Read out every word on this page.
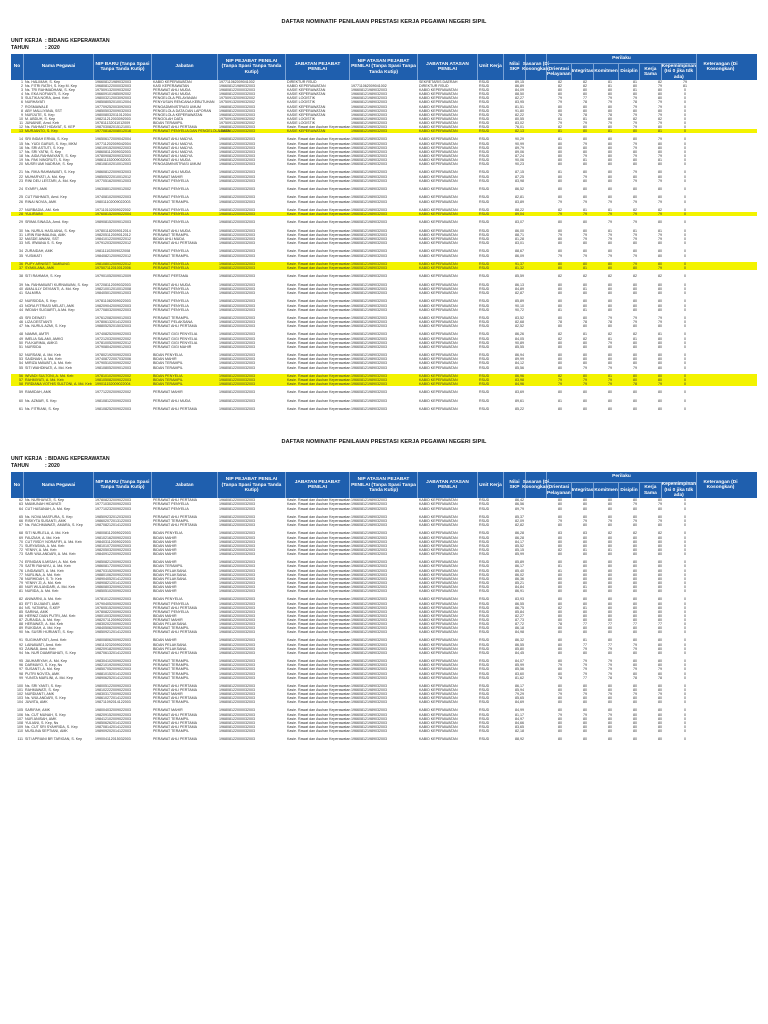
DAFTAR NOMINATIF PENILAIAN PRESTASI KERJA PEGAWAI NEGERI SIPIL
UNIT KERJA : BIDANG KEPERAWATAN
TAHUN	: 2020
No	Nama Pegawai
NIP BARU (Tanpa Spasi Tanpa Tanda Kutip)
Jabatan
NIP PEJABAT PENILAI (Tanpa Spasi Tanpa Tanda Kutip)
JABATAN PEJABAT PENILAI
NIP ATASAN PEJABAT PENILAI (Tanpa Spasi Tanpa Tanda Kutip)
JABATAN ATASAN PENILAI
Unit Kerja
Nilai SKP
Sasaran (Di Kosongkan)
Perilaku
Orientasi Pelayanan
Integritas Komitmen Disiplin
Kerja Sama
Kepemimpinan (Isi 0 jika tdk ada)
Keterangan (Di Kosongkan)
1 Ns. HALIMAH, S. Kep	196608121989032003	KABID KEPERAWATAN	197711062009041002	DIREKTUR RSUD	SEKRETARIS DAERAH	RSUD	89,15	82	82	81	81	82	79
2 Ns. FITRI RATIH, S. Kep M. Kep	196808122000032003	KASI KEPERAWATAN	196608121989032003	KABID KEPERAWATAN	197711062009041002	DIREKTUR RSUD	RSUD	86,89	82	82	81	80	79	81
3 Ns. TRI RAHMADHANI, S. Kep	197509132009032002	PERAWAT AHLI MUDA	196808122000032003	KASIE KEPERAWATAN	196608121989032003	KABID KEPERAWATAN	RSUD	84,09	80	80	80	81	80	0
4 Ns. EKA NOFIANTI, S. Kep	196609101985092002	PERAWAT AHLI MUDA	196808122000032003	KASIE KEPERAWATAN	196608121989032003	KABID KEPERAWATAN	RSUD	88,50	80	80	80	80	80	0
5 SULTIKA NORA, Amd. Keb	198003212003092003	PENGELOLA PELAYANAN	197509132009032002	KASIE LOGISTIK	196608121989032003	KABID KEPERAWATAN	RSUD	82,27	79	77	79	79	80	0
6 NURHAYATI	198508052010012004	PENYUSUN RENCANA KEBUTUHAN	197509132009032002	KASIE LOGISTIK	196608121989032003	KABID KEPERAWATAN	RSUD	83,95	79	78	79	78	79	0
7 ROSMAWALE	197709252003092003	PENGADMINISTRASI UMUM	196808122000032003	KASIE KEPERAWATAN	196608121989032003	KABID KEPERAWATAN	RSUD	81,51	80	80	80	79	79	0
8 ABY MALLIYANA, SST	198505032009032003	PENGELOLA DATA DAN LAPORAN	196808122000032003	KASIE KEPERAWATAN	196608121989032003	KABID KEPERAWATAN	RSUD	91,80	80	80	80	80	80	0
9 NURJUTE, S. Kep	198008032011012004	PENGELOLA KEPERAWATAN	196808122000032003	KASIE KEPERAWATAN	196608121989032003	KABID KEPERAWATAN	RSUD	82,22	78	78	78	79	79	0
10 M. ABDUH, S. Kep	198211212003092003	PENGOLAH DATA	197509132009032002	KASIE LOGISTIK	196608121989032003	KABID KEPERAWATAN	RSUD	80,55	81	81	80	82	82	0
11 JUNAINIE, Amd. Keb	197811132011012009	BIDAN TERAMPIL	197509132009032002	KASIE LOGISTIK	196608121989032003	KABID KEPERAWATAN	RSUD	83,02	79	79	79	79	79	0
12 Ns. RAHMAT HIDAYAT, S. KEP	198703082015121001	PERAWAT AHLI PERTAMA	196808122000032003	Kasie. Rawat dan Asuhan Keperawatan 196608121989032003	KABID KEPERAWATAN	RSUD	76,01	82	80	80	79	80	0
13 MURJANTO, S. Kep	197708182008012016	PERAWAT PENYELIA DAN PENGELOLA DATA
196808122000032003	KASIE KEPERAWATAN	196608121989032003	KABID KEPERAWATAN	RSUD	82,13	81	80	81	80	81	0
14 SRI INDAH ERNIA, S. Kep	196506172009042004	PERAWAT AHLI MADYA	196808122000032003	Kasie. Rawat dan Asuhan Keperawatan 196608121989032003	KABID KEPERAWATAN	RSUD	90,29	81	80	80	80	79	0
15 Ns. YUDI GARUS, S. Kep, MKM	197711202009042004	PERAWAT AHLI MADYA	196808122000032003	Kasie. Rawat dan Asuhan Keperawatan 196608121989032003	KABID KEPERAWATAN	RSUD	90,99	80	79	80	79	80	0
16 Ns. SRI ASTUTI, S. Kep	198109152009022003	PERAWAT AHLI MADYA	196808122000032003	Kasie. Rawat dan Asuhan Keperawatan 196608121989032003	KABID KEPERAWATAN	RSUD	89,79	80	80	80	79	80	0
17 Ns. SRI YATNI, S. Kep	198608112009032003	PERAWAT AHLI MADYA	196808122000032003	Kasie. Rawat dan Asuhan Keperawatan 196608121989032003	KABID KEPERAWATAN	RSUD	89,06	80	80	80	80	80	0
18 Ns. AIDA RAHMAYANTI, S. Kep	197809082009032003	PERAWAT AHLI MADYA	196808122000032003	Kasie. Rawat dan Asuhan Keperawatan 196608121989032003	KABID KEPERAWATAN	RSUD	87,24	80	79	80	79	79	0
19 Ns. PAK NINGRUTI, S. Kep	198611152009032003	PERAWAT AHLI MUDA	196808122000032003	Kasie. Rawat dan Asuhan Keperawatan 196608121989032003	KABID KEPERAWATAN	RSUD	90,06	80	81	80	80	81	0
20 MUSRI UMI NADRAH, S. Kep	198108102010012003	PENGADMINISTRASI UMUM	196808122000032003	Kasie. Rawat dan Asuhan Keperawatan 196608121989032003	KABID KEPERAWATAN	RSUD	90,23	80	80	80	80	80	0
21 Ns. RIKA RAHMAWATI, S. Kep	198608122009032003	PERAWAT AHLI MUDA	196808122000032003	Kasie. Rawat dan Asuhan Keperawatan 196608121989032003	KABID KEPERAWATAN	RSUD	87,15	81	80	80	79	80	0
22 MUHARYATI, A. Md. Kep	198505222010012012	PERAWAT MAHIR	196808122000032003	Kasie. Rawat dan Asuhan Keperawatan 196608121989032003	KABID KEPERAWATAN	RSUD	87,25	80	79	80	80	80	0
23 RINI DEU LESTARI, A. Md. Kep	197705162009012003	PERAWAT PENYELIA	196808122000032003	Kasie. Rawat dan Asuhan Keperawatan 196608121989032003	KABID KEPERAWATAN	RSUD	83,98	80	80	80	79	79	0
24 SYARFI, AMK	196308012009012002	PERAWAT PENYELIA	196808122000032003	Kasie. Rawat dan Asuhan Keperawatan 196608121989032003	KABID KEPERAWATAN	RSUD	86,52	80	80	80	80	80	0
25 CUT RAHMATI, Amd. Kep	197408102009022003	PERAWAT PENYELIA	196808122000032003	Kasie. Rawat dan Asuhan Keperawatan 196608121989032003	KABID KEPERAWATAN	RSUD	82,81	80	80	80	80	80	0
26 RINAI NOVIA, AMK	198011102009022003	PERAWAT TERAMPIL	196808122000032003	Kasie. Rawat dan Asuhan Keperawatan 196608121989032003	KABID KEPERAWATAN	RSUD	83,89	79	79	79	79	79	0
27 NURBADIA, AM. Keb	197110102009022002	PERAWAT PENYELIA	196808122000032003	Kasie. Rawat dan Asuhan Keperawatan 196608121989032003	KABID KEPERAWATAN	RSUD	88,22	82	81	81	82	82	0
28 YULIRAINI	197608152009022004	PERAWAT PENYELIA	196808122000032003	Kasie. Rawat dan Asuhan Keperawatan 196608121989032003	KABID KEPERAWATAN	RSUD	89,04	79	79	79	79	79	0
29 SRIMA SINAGA, Amd. Kep	198908152009012003	PERAWAT PENYELIA	196808122000032003	Kasie. Rawat dan Asuhan Keperawatan 196608121989032003	KABID KEPERAWATAN	RSUD	83,07	80	80	79	79	80	0
30 Ns. NURUL HASLIANA, S. Kep	197801182009012014	PERAWAT AHLI MUDA	196808122000032003	Kasie. Rawat dan Asuhan Keperawatan 196608121989032003	KABID KEPERAWATAN	RSUD	86,00	80	80	81	81	81	0
31 LIRIN RAHMALINA, AMK	198205112009012012	PERAWAT TERAMPIL	196808122000032003	Kasie. Rawat dan Asuhan Keperawatan 196608121989032003	KABID KEPERAWATAN	RSUD	88,71	79	79	79	79	79	0
32 MASDE AWANI, SST	198410122009022012	BIDAN AHLI MUDA	196808122000032003	Kasie. Rawat dan Asuhan Keperawatan 196608121989032003	KABID KEPERAWATAN	RSUD	81,28	80	79	79	79	79	0
33 NS. IRWANA S. S. Kep	197912032009022012	PERAWAT AHLI PERTAMA	196808122000032003	Kasie. Rawat dan Asuhan Keperawatan 196608121989032003	KABID KEPERAWATAN	RSUD	83,01	80	80	80	80	80	0
34 ZURAIDAH, AMK	198111102009022008	PERAWAT PENYELIA	196808122000032003	Kasie. Rawat dan Asuhan Keperawatan 196608121989032003	KABID KEPERAWATAN	RSUD	88,67	80	80	80	80	80	0
35 YUSMIATI	198408212009022012	PERAWAT TERAMPIL	196808122000032003	Kasie. Rawat dan Asuhan Keperawatan 196608121989032003	KABID KEPERAWATAN	RSUD	86,09	79	79	79	79	80	0
36 PUPY ARNISET TAMBUNG	198108012009022012	PERAWAT PENYELIA	196808122000032003	Kasie. Rawat dan Asuhan Keperawatan 196608121989032003	KABID KEPERAWATAN	RSUD	91,37	80	80	80	79	80	0
37 SYAKILANA, AMK	197507112010012006	PERAWAT PENYELIA	196808122000032003	Kasie. Rawat dan Asuhan Keperawatan 196608121989032003	KABID KEPERAWATAN	RSUD	81,32	80	81	80	80	79	0
38 SITI RAHMAH, S. Kep	197901052009012009	PERAWAT PERTAMA	196808122000032003	Kasie. Rawat dan Asuhan Keperawatan 196608121989032003	KABID KEPERAWATAN	RSUD	85,59	82	82	82	82	82	0
39 Ns. RAHMAWATI KURNIAWAN, S. Kep	197208112009032003	PERAWAT AHLI MUDA	196808122000032003	Kasie. Rawat dan Asuhan Keperawatan 196608121989032003	KABID KEPERAWATAN	RSUD	86,13	80	80	80	80	80	0
40 AMALILLY DEVIANTI, A. Md. Kep	198210012010012008	PERAWAT PENYELIA	196808122000032003	Kasie. Rawat dan Asuhan Keperawatan 196608121989032003	KABID KEPERAWATAN	RSUD	84,89	80	81	80	80	80	0
41 SALMIRA	198405012009012003	PERAWAT PENYELIA	196808122000032003	Kasie. Rawat dan Asuhan Keperawatan 196608121989032003	KABID KEPERAWATAN	RSUD	82,87	80	80	80	80	80	0
42 NURSIDDA, S. Kep	197811082009022003	PERAWAT PENYELIA	196808122000032003	Kasie. Rawat dan Asuhan Keperawatan 196608121989032003	KABID KEPERAWATAN	RSUD	85,89	80	80	80	80	80	0
43 NORA FITRIASI MELATI, AMK	198209042009022003	PERAWAT PENYELIA	196808122000032003	Kasie. Rawat dan Asuhan Keperawatan 196608121989032003	KABID KEPERAWATAN	RSUD	90,10	80	80	80	80	80	0
44 WIDIAH SUGIARTI, A.Md. Kep	197708032009022003	PERAWAT PENYELIA	196808122000032003	Kasie. Rawat dan Asuhan Keperawatan 196608121989032003	KABID KEPERAWATAN	RSUD	90,72	81	81	80	80	80	0
45 SRI DEWATI	197612082009012003	PERAWAT TERAMPIL	196808122000032003	Kasie. Rawat dan Asuhan Keperawatan 196608121989032003	KABID KEPERAWATAN	RSUD	83,52	80	80	79	79	79	0
46 LIZA DESTIANTI	197806132014122003	PERAWAT PELAKSANA	196808122000032003	Kasie. Rawat dan Asuhan Keperawatan 196608121989032003	KABID KEPERAWATAN	RSUD	82,68	78	78	78	79	79	0
47 Ns. NURUL AZMI, S. Kep	198805252015032003	PERAWAT AHLI PERTAMA	196808122000032003	Kasie. Rawat dan Asuhan Keperawatan 196608121989032003	KABID KEPERAWATAN	RSUD	82,52	80	80	80	80	80	0
48 NAMMI, AMTR	197408252009022003	PERAWAT GIGI PENYELIA	196808122000032003	Kasie. Rawat dan Asuhan Keperawatan 196608121989032003	KABID KEPERAWATAN	RSUD	86,26	82	81	82	82	81	0
49 IMELIA SALAMI, AMKG	197212032009022002	PERAWAT GIGI PENYELIA	196808122000032003	Kasie. Rawat dan Asuhan Keperawatan 196608121989032003	KABID KEPERAWATAN	RSUD	84,05	82	82	81	81	80	0
50 FIA KARIMA, AMKG	197810052009022012	PERAWAT GIGI PENYELIA	196808122000032003	Kasie. Rawat dan Asuhan Keperawatan 196608121989032003	KABID KEPERAWATAN	RSUD	90,89	80	80	79	80	80	0
51 NURSIDA	197908042009012003	PERAWAT GIGI MAHIR	196808122000032003	Kasie. Rawat dan Asuhan Keperawatan 196608121989032003	KABID KEPERAWATAN	RSUD	85,55	80	80	80	80	80	0
52 NURSANI, A. Md. Keb	197802192009022003	BIDAN PENYELIA	196808122000032003	Kasie. Rawat dan Asuhan Keperawatan 196608121989032003	KABID KEPERAWATAN	RSUD	86,94	80	80	80	80	80	0
53 SAIDNIAH, A. Md. Keb	197408722007032006	BIDAN MAHIR	196808122000032003	Kasie. Rawat dan Asuhan Keperawatan 196608121989032003	KABID KEPERAWATAN	RSUD	89,99	80	80	80	80	80	0
54 MIRIZA MAWATI, A. Md. Keb	197905102009022002	BIDAN TERAMPIL	196808122000032003	Kasie. Rawat dan Asuhan Keperawatan 196608121989032003	KABID KEPERAWATAN	RSUD	84,12	80	80	80	80	80	0
55 SITI WAHDINATI, A. Md. Keb	198108052009012003	BIDAN TERAMPIL	196808122000032003	Kasie. Rawat dan Asuhan Keperawatan 196608121989032003	KABID KEPERAWATAN	RSUD	85,56	80	79	79	79	80	0
56 WIVADI SULTONI, A. Md. Keb	197810102009022002	BIDAN PENYELIA	196808122000032003	Kasie. Rawat dan Asuhan Keperawatan 196608121989032003	KABID KEPERAWATAN	RSUD	86,96	82	80	81	80	80	0
57 RAHMIYATI, A. Md. Keb	198105082009022003	BIDAN TERAMPIL	196808122000032003	Kasie. Rawat dan Asuhan Keperawatan 196608121989032003	KABID KEPERAWATAN	RSUD	83,98	79	79	79	80	80	0
58 FIRDIANA VOTHIS SULTONI, A. Md. Keb 199011152009022004	BIDAN TERAMPIL	196808122000032003	Kasie. Rawat dan Asuhan Keperawatan 196608121989032003	KABID KEPERAWATAN	RSUD	84,96	79	79	79	78	79	0
59 RAMIDAH, AMK	197712202009022002	PERAWAT MAHIR	196808122000032003	Kasie. Rawat dan Asuhan Keperawatan 196608121989032003	KABID KEPERAWATAN	RSUD	83,69	80	80	80	80	80	0
60 Ns. AZMAR, S. Kep	198108122009022003	PERAWAT AHLI MUDA	196808122000032003	Kasie. Rawat dan Asuhan Keperawatan 196608121989032003	KABID KEPERAWATAN	RSUD	89,61	81	80	80	80	80	0
61 Ns. FITRIANI, S. Kep	198108252009022003	PERAWAT AHLI PERTAMA	196808122000032003	Kasie. Rawat dan Asuhan Keperawatan 196608121989032003	KABID KEPERAWATAN	RSUD	85,22	80	80	80	80	80	0
DAFTAR NOMINATIF PENILAIAN PRESTASI KERJA PEGAWAI NEGERI SIPIL
UNIT KERJA : BIDANG KEPERAWATAN
TAHUN	: 2020
No	Nama Pegawai
NIP BARU (Tanpa Spasi Tanpa Tanda Kutip)
Jabatan
NIP PEJABAT PENILAI (Tanpa Spasi Tanpa Tanda Kutip)
JABATAN PEJABAT PENILAI
NIP ATASAN PEJABAT PENILAI (Tanpa Spasi Tanpa Tanda Kutip)
JABATAN ATASAN PENILAI
Unit Kerja
Nilai SKP
Sasaran (Di Kosongkan)
Perilaku
Orientasi Pelayanan
Integritas Komitmen Disiplin
Kerja Sama
Kepemimpinan (Isi 0 jika tdk ada)
Keterangan (Di Kosongkan)
62 Ns. NURHAYATI, S. Kep	197808232009022003	PERAWAT AHLI PERTAMA	196808122000032003	Kasie. Rawat dan Asuhan Keperawatan 196608121989032003	KABID KEPERAWATAN	RSUD	86,42	80	80	80	80	80	0
63 MAIMUNAH HIDAYATI	197710302009022003	PERAWAT PENYELIA	196808122000032003	Kasie. Rawat dan Asuhan Keperawatan 196608121989032003	KABID KEPERAWATAN	RSUD	86,56	80	80	80	79	79	0
64 CUT HASANAH, A. Md. Kep	197710232009022003	PERAWAT PENYELIA	196808122000032003	Kasie. Rawat dan Asuhan Keperawatan 196608121989032003	KABID KEPERAWATAN	RSUD	89,79	80	80	80	80	80	0
65 Ns. NOVA MASFURA, S. Kep	198509232012032003	PERAWAT AHLI PERTAMA	196808122000032003	Kasie. Rawat dan Asuhan Keperawatan 196608121989032003	KABID KEPERAWATAN	RSUD	85,37	80	80	80	80	80	0
66 RISKYTA SUSANTI, AMK	198602072013122003	PERAWAT TERAMPIL	196808122000032003	Kasie. Rawat dan Asuhan Keperawatan 196608121989032003	KABID KEPERAWATAN	RSUD	82,09	79	79	79	79	79	0
67 Ns. RACHMAWATI, AMARA, S. Kep	198708212014122003	PERAWAT AHLI PERTAMA	196808122000032003	Kasie. Rawat dan Asuhan Keperawatan 196608121989032003	KABID KEPERAWATAN	RSUD	82,82	80	80	80	80	80	0
68 SITI NURLELA, A. Md. Keb	198008112009022003	BIDAN PENYELIA	196808122000032003	Kasie. Rawat dan Asuhan Keperawatan 196608121989032003	KABID KEPERAWATAN	RSUD	86,28	83	83	82	82	82	0
69 FAUZIAH, A. Md. Keb	198102162009022003	BIDAN MAHIR	196808122000032003	Kasie. Rawat dan Asuhan Keperawatan 196608121989032003	KABID KEPERAWATAN	RSUD	86,28	80	80	80	80	80	0
70 CUT RISDY NORAFIFI, A. Md. Keb	198403112009022003	BIDAN MAHIR	196808122000032003	Kasie. Rawat dan Asuhan Keperawatan 196608121989032003	KABID KEPERAWATAN	RSUD	84,17	80	80	80	80	80	0
71 SURYASMA, A. Md. Keb	198101072009022003	BIDAN MAHIR	196808122000032003	Kasie. Rawat dan Asuhan Keperawatan 196608121989032003	KABID KEPERAWATAN	RSUD	85,52	80	80	80	80	80	0
72 YENNY, A. Md. Keb	198205032009022003	BIDAN MAHIR	196808122000032003	Kasie. Rawat dan Asuhan Keperawatan 196608121989032003	KABID KEPERAWATAN	RSUD	85,15	82	81	81	80	80	0
73 SARI WULANDARI, A. Md. Keb	198409122009022003	BIDAN MAHIR	196808122000032003	Kasie. Rawat dan Asuhan Keperawatan 196608121989032003	KABID KEPERAWATAN	RSUD	85,99	80	80	80	80	80	0
74 ERNIDAN ILMISAH, A. Md. Keb	198508212009022003	BIDAN MAHIR	196808122000032003	Kasie. Rawat dan Asuhan Keperawatan 196608121989032003	KABID KEPERAWATAN	RSUD	85,89	80	80	80	80	80	0
75 SATRI RAHAYU, A. Md. Keb	198608172009022003	BIDAN TERAMPIL	196808122000032003	Kasie. Rawat dan Asuhan Keperawatan 196608121989032003	KABID KEPERAWATAN	RSUD	86,17	81	80	80	80	80	0
76 LINDAWATI, A. Md. Keb	198703152009022003	BIDAN PELAKSANA	196808122000032003	Kasie. Rawat dan Asuhan Keperawatan 196608121989032003	KABID KEPERAWATAN	RSUD	85,40	81	80	80	80	80	0
77 NURLINA, A. Md. Keb	198801062009022003	BIDAN PELAKSANA	196808122000032003	Kasie. Rawat dan Asuhan Keperawatan 196608121989032003	KABID KEPERAWATAN	RSUD	86,02	80	80	80	80	80	0
78 NURHIDAH, S. Tr. Keb	198904052014122003	BIDAN PELAKSANA	196808122000032003	Kasie. Rawat dan Asuhan Keperawatan 196608121989032003	KABID KEPERAWATAN	RSUD	86,36	80	80	80	80	80	0
79 YENNY ZI, A. Md. Keb	198908212014122003	BIDAN MAHIR	196808122000032003	Kasie. Rawat dan Asuhan Keperawatan 196608121989032003	KABID KEPERAWATAN	RSUD	85,21	80	80	80	80	80	0
80 NUR WULANDARI, A. Md. Keb	198608032009022003	BIDAN MAHIR	196808122000032003	Kasie. Rawat dan Asuhan Keperawatan 196608121989032003	KABID KEPERAWATAN	RSUD	84,84	80	81	80	80	80	0
81 NURIDA, A. Md. Keb	198505102009022003	BIDAN MAHIR	196808122000032003	Kasie. Rawat dan Asuhan Keperawatan 196608121989032003	KABID KEPERAWATAN	RSUD	86,91	80	80	80	80	80	0
82 ANWARNI, A. Md. Keb	197810122009022003	BIDAN PENYELIA	196808122000032003	Kasie. Rawat dan Asuhan Keperawatan 196608121989032003	KABID KEPERAWATAN	RSUD	83,93	80	80	80	80	80	0
83 EFTI DUJIANTI, AMK	197904052009022003	PERAWAT PENYELIA	196808122000032003	Kasie. Rawat dan Asuhan Keperawatan 196608121989032003	KABID KEPERAWATAN	RSUD	86,55	80	80	80	80	80	0
84 NS. YATIMRA, S.KEP	197605152009022003	PERAWAT AHLI PERTAMA	196808122000032003	Kasie. Rawat dan Asuhan Keperawatan 196608121989032003	KABID KEPERAWATAN	RSUD	86,75	82	81	80	80	80	0
85 SARINA, AMK	197808222009022003	PERAWAT PENYELIA	196808122000032003	Kasie. Rawat dan Asuhan Keperawatan 196608121989032003	KABID KEPERAWATAN	RSUD	85,84	80	80	80	80	80	0
86 HERNIZ DIAN PUTRI, AM. Keb	198010032009022003	BIDAN MAHIR	196808122000032003	Kasie. Rawat dan Asuhan Keperawatan 196608121989032003	KABID KEPERAWATAN	RSUD	82,27	80	80	80	80	80	0
87 ZURAIDA, A. Md. Kep	198207112009022003	PERAWAT MAHIR	196808122000032003	Kasie. Rawat dan Asuhan Keperawatan 196608121989032003	KABID KEPERAWATAN	RSUD	87,73	80	80	80	80	80	0
88 HERAWATI, A. Md. Keb	198302022009022003	BIDAN PELAKSANA	196808122000032003	Kasie. Rawat dan Asuhan Keperawatan 196608121989032003	KABID KEPERAWATAN	RSUD	87,72	78	77	77	77	77	0
89 RUKIDAH, A. Md. Kep	198405062009022003	PERAWAT TERAMPIL	196808122000032003	Kasie. Rawat dan Asuhan Keperawatan 196608121989032003	KABID KEPERAWATAN	RSUD	86,18	80	80	80	80	80	0
90 Ns. SUSRI HIJRIANTI, S. Kep	198509212014122003	PERAWAT AHLI PERTAMA	196808122000032003	Kasie. Rawat dan Asuhan Keperawatan 196608121989032003	KABID KEPERAWATAN	RSUD	84,98	80	80	80	80	80	0
91 SUGIHARYATI, Amd. Keb	198008062009022003	BIDAN MAHIR	196808122000032003	Kasie. Rawat dan Asuhan Keperawatan 196608121989032003	KABID KEPERAWATAN	RSUD	86,32	80	81	80	80	80	0
92 LAINAWATI, Amd. Keb	198110232009022003	BIDAN PELAKSANA	196808122000032003	Kasie. Rawat dan Asuhan Keperawatan 196608121989032003	KABID KEPERAWATAN	RSUD	86,55	80	77	77	79	80	0
93 ZAINAB, Amd. Keb	198209182009022003	BIDAN PELAKSANA	196808122000032003	Kasie. Rawat dan Asuhan Keperawatan 196608121989032003	KABID KEPERAWATAN	RSUD	85,80	80	79	79	79	80	0
94 Ns. NUR DIAMIRAHATI, S. Kep	198706132014122003	PERAWAT AHLI PERTAMA	196808122000032003	Kasie. Rawat dan Asuhan Keperawatan 196608121989032003	KABID KEPERAWATAN	RSUD	84,45	80	80	80	80	80	0
95 JAUHARIYAH, A. Md. Kep	198304102009022003	PERAWAT TERAMPIL	196808122000032003	Kasie. Rawat dan Asuhan Keperawatan 196608121989032003	KABID KEPERAWATAN	RSUD	84,07	80	79	79	80	80	0
96 DARMAYO, S. Kep, Ns	198210192009022003	PERAWAT TERAMPIL	196808122000032003	Kasie. Rawat dan Asuhan Keperawatan 196608121989032003	KABID KEPERAWATAN	RSUD	85,99	79	79	79	80	80	0
97 SUSANTI, A. Md. Kep	198507052009022003	PERAWAT TERAMPIL	196808122000032003	Kasie. Rawat dan Asuhan Keperawatan 196608121989032003	KABID KEPERAWATAN	RSUD	85,56	80	79	79	79	79	0
98 PUTRI NOVITA, AMK	198810152014122003	PERAWAT TERAMPIL	196808122000032003	Kasie. Rawat dan Asuhan Keperawatan 196608121989032003	KABID KEPERAWATAN	RSUD	83,60	80	79	79	80	80	0
99 YUNITA MARLINI, A. Md. Kep	198906252014122003	PERAWAT TERAMPIL	196808122000032003	Kasie. Rawat dan Asuhan Keperawatan 196608121989032003	KABID KEPERAWATAN	RSUD	81,62	78	77	78	78	78	0
100 Ns. SRI YANTI, S. Kep	198005122009022003	PERAWAT AHLI PERTAMA	196808122000032003	Kasie. Rawat dan Asuhan Keperawatan 196608121989032003	KABID KEPERAWATAN	RSUD	86,17	80	80	80	80	80	0
101 RAHMAWATI, S. Kep	198102222009022003	PERAWAT AHLI PERTAMA	196808122000032003	Kasie. Rawat dan Asuhan Keperawatan 196608121989032003	KABID KEPERAWATAN	RSUD	85,94	80	80	80	80	80	0
102 NURDIANTI, AMK	198303172009022003	PERAWAT MAHIR	196808122000032003	Kasie. Rawat dan Asuhan Keperawatan 196608121989032003	KABID KEPERAWATAN	RSUD	79,29	79	79	79	79	79	0
103 Ns. WULANDARI, S. Kep	198610272014122003	PERAWAT AHLI PERTAMA	196808122000032003	Kasie. Rawat dan Asuhan Keperawatan 196608121989032003	KABID KEPERAWATAN	RSUD	85,65	80	80	80	80	80	0
104 JUWITA, AMK	198711092014122003	PERAWAT TERAMPIL	196808122000032003	Kasie. Rawat dan Asuhan Keperawatan 196608121989032003	KABID KEPERAWATAN	RSUD	84,69	80	80	80	80	80	0
105 SARIFAH, AMK	198004032009022003	PERAWAT MAHIR	196808122000032003	Kasie. Rawat dan Asuhan Keperawatan 196608121989032003	KABID KEPERAWATAN	RSUD	84,99	80	80	80	80	80	0
106 Ns. CUT MUNAH, S. Kep	198209152009022003	PERAWAT AHLI PERTAMA	196808122000032003	Kasie. Rawat dan Asuhan Keperawatan 196608121989032003	KABID KEPERAWATAN	RSUD	81,17	79	79	79	80	80	0
107 NUR ANISAH, AMK	198412102009022003	PERAWAT TERAMPIL	196808122000032003	Kasie. Rawat dan Asuhan Keperawatan 196608121989032003	KABID KEPERAWATAN	RSUD	84,97	80	80	80	80	80	0
108 YULIANI, S. Kep, Ns	198506262014122003	PERAWAT AHLI PERTAMA	196808122000032003	Kasie. Rawat dan Asuhan Keperawatan 196608121989032003	KABID KEPERAWATAN	RSUD	84,66	80	80	80	80	80	0
109 Ns. CUT SRI SYAHRIDA, S. Kep	198708142014122003	PERAWAT AHLI PERTAMA	196808122000032003	Kasie. Rawat dan Asuhan Keperawatan 196608121989032003	KABID KEPERAWATAN	RSUD	83,65	80	80	80	80	80	0
110 MUSLINA SEPTIANI, AMK	198909202014122003	PERAWAT TERAMPIL	196808122000032003	Kasie. Rawat dan Asuhan Keperawatan 196608121989032003	KABID KEPERAWATAN	RSUD	82,18	80	80	80	80	80	0
111 SITI APRIANI BR TARIGAN, S. Kep	199004112015032003	PERAWAT AHLI PERTAMA	196808122000032003	Kasie. Rawat dan Asuhan Keperawatan 196608121989032003	KABID KEPERAWATAN	RSUD	88,92	80	80	80	80	80	0
